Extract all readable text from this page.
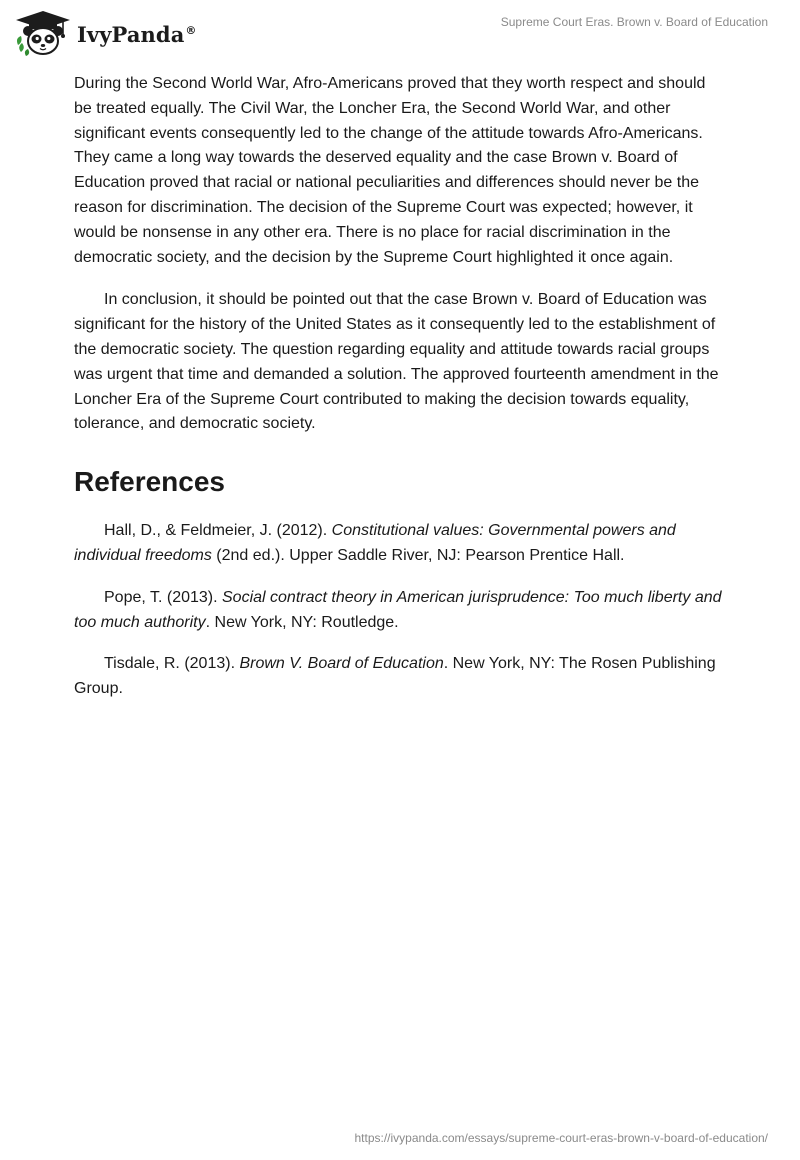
IvyPanda®
Supreme Court Eras. Brown v. Board of Education

During the Second World War, Afro-Americans proved that they worth respect and should be treated equally. The Civil War, the Loncher Era, the Second World War, and other significant events consequently led to the change of the attitude towards Afro-Americans. They came a long way towards the deserved equality and the case Brown v. Board of Education proved that racial or national peculiarities and differences should never be the reason for discrimination. The decision of the Supreme Court was expected; however, it would be nonsense in any other era. There is no place for racial discrimination in the democratic society, and the decision by the Supreme Court highlighted it once again.

In conclusion, it should be pointed out that the case Brown v. Board of Education was significant for the history of the United States as it consequently led to the establishment of the democratic society. The question regarding equality and attitude towards racial groups was urgent that time and demanded a solution. The approved fourteenth amendment in the Loncher Era of the Supreme Court contributed to making the decision towards equality, tolerance, and democratic society.

References

Hall, D., & Feldmeier, J. (2012). Constitutional values: Governmental powers and individual freedoms (2nd ed.). Upper Saddle River, NJ: Pearson Prentice Hall.

Pope, T. (2013). Social contract theory in American jurisprudence: Too much liberty and too much authority. New York, NY: Routledge.

Tisdale, R. (2013). Brown V. Board of Education. New York, NY: The Rosen Publishing Group.

https://ivypanda.com/essays/supreme-court-eras-brown-v-board-of-education/
